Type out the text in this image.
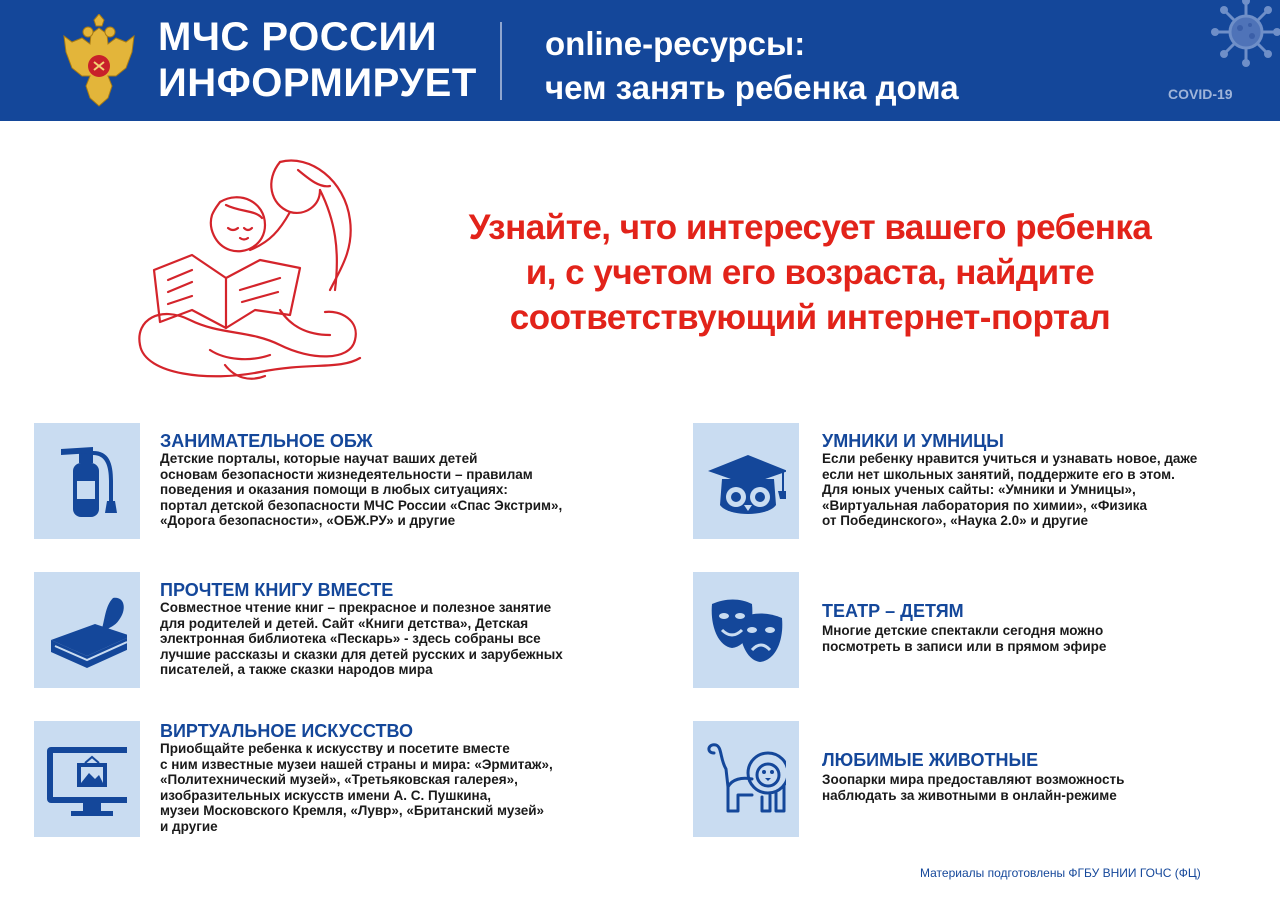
МЧС РОССИИ
ИНФОРМИРУЕТ
online-ресурсы:
чем занять ребенка дома	COVID-19
Узнайте, что интересует вашего ребенка
и, с учетом его возраста, найдите
соответствующий интернет-портал
ЗАНИМАТЕЛЬНОЕ ОБЖ
Детские порталы, которые научат ваших детей
основам безопасности жизнедеятельности – правилам
поведения и оказания помощи в любых ситуациях:
портал детской безопасности МЧС России «Спас Экстрим»,
«Дорога безопасности», «ОБЖ.РУ» и другие
ПРОЧТЕМ КНИГУ ВМЕСТЕ
Совместное чтение книг – прекрасное и полезное занятие
для родителей и детей. Сайт «Книги детства», Детская
электронная библиотека «Пескарь» - здесь собраны все
лучшие рассказы и сказки для детей русских и зарубежных
писателей, а также сказки народов мира
ВИРТУАЛЬНОЕ ИСКУССТВО
Приобщайте ребенка к искусству и посетите вместе
с ним известные музеи нашей страны и мира: «Эрмитаж»,
«Политехнический музей», «Третьяковская галерея»,
изобразительных искусств имени А. С. Пушкина,
музеи Московского Кремля, «Лувр», «Британский музей»
и другие
УМНИКИ И УМНИЦЫ
Если ребенку нравится учиться и узнавать новое, даже
если нет школьных занятий, поддержите его в этом.
Для юных ученых сайты: «Умники и Умницы»,
«Виртуальная лаборатория по химии», «Физика
от Побединского», «Наука 2.0» и другие
ТЕАТР – ДЕТЯМ
Многие детские спектакли сегодня можно
посмотреть в записи или в прямом эфире
ЛЮБИМЫЕ ЖИВОТНЫЕ
Зоопарки мира предоставляют возможность
наблюдать за животными в онлайн-режиме
Материалы подготовлены ФГБУ ВНИИ ГОЧС (ФЦ)
